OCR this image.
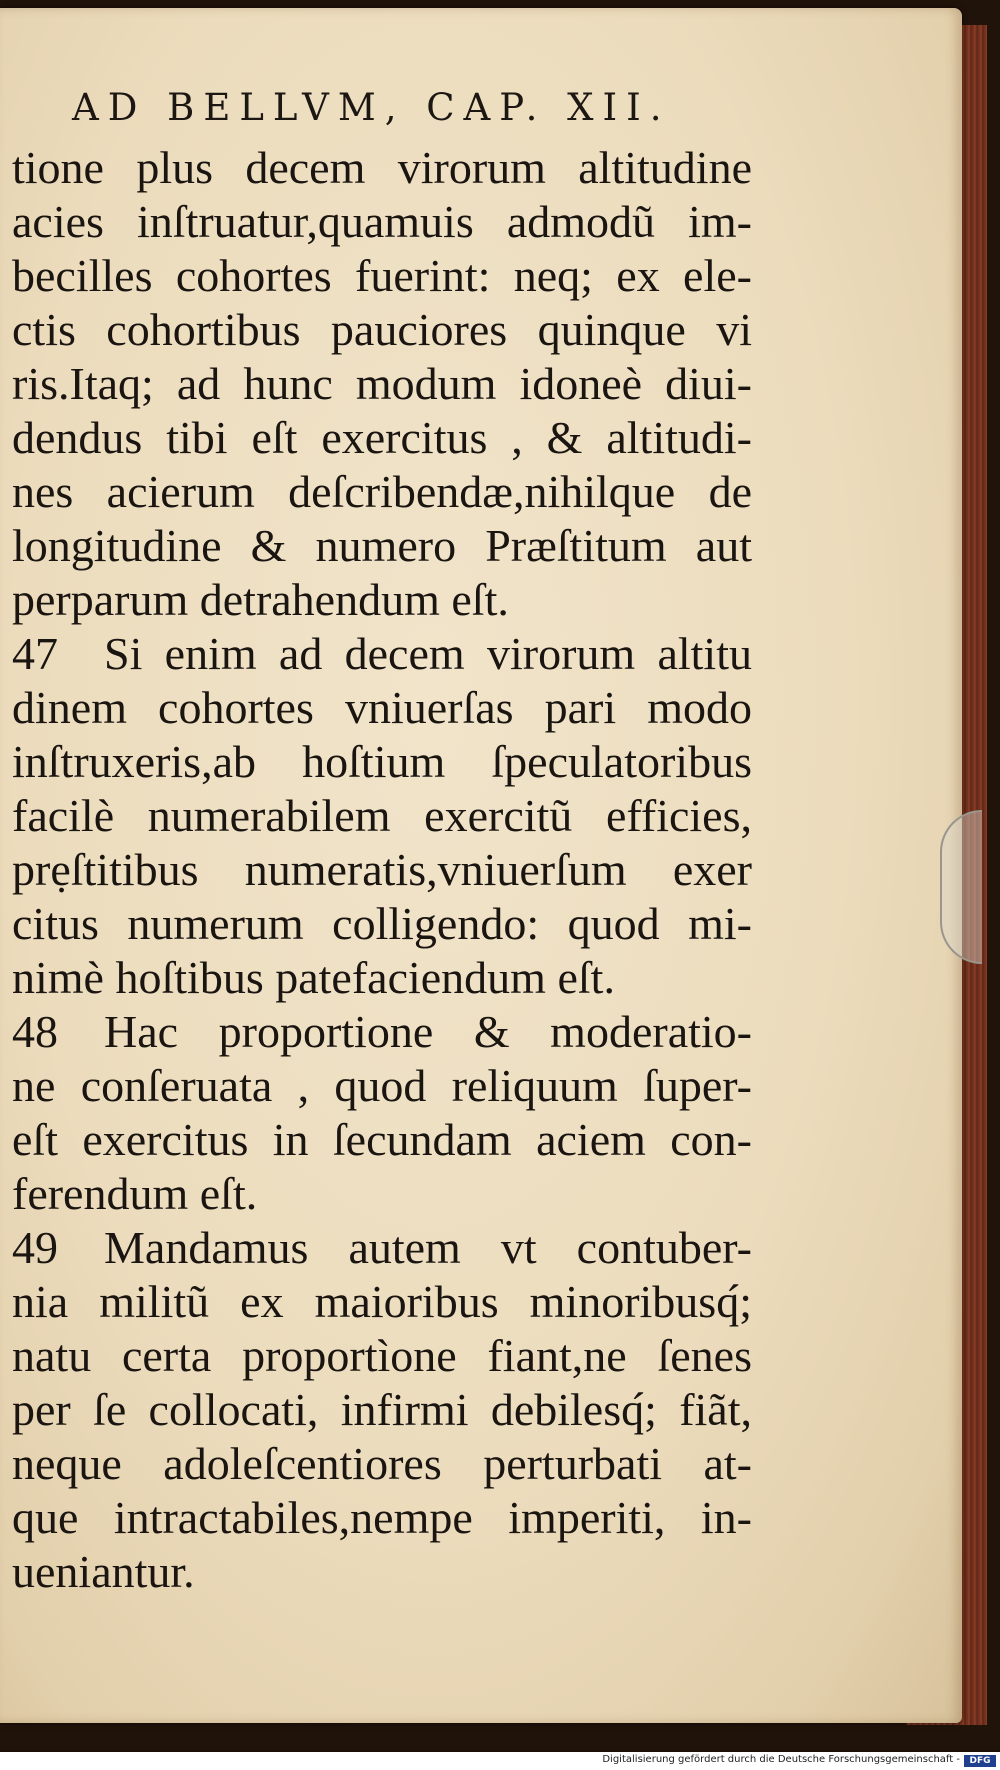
AD BELLVM, CAP. XII.
tione plus decem virorum altitudine
acies inſtruatur,quamuis admodũ im-
becilles cohortes fuerint: neq; ex ele-
ctis cohortibus pauciores quinque vi
ris.Itaq; ad hunc modum idoneè diui-
dendus tibi eſt exercitus , & altitudi-
nes acierum deſcribendæ,nihilque de
longitudine & numero Præſtitum aut
perparum detrahendum eſt.
47 Si enim ad decem virorum altitu
dinem cohortes vniuerſas pari modo
inſtruxeris,ab hoſtium ſpeculatoribus
facilè numerabilem exercitũ efficies,
prẹſtitibus numeratis,vniuerſum exer
citus numerum colligendo: quod mi-
nimè hoſtibus patefaciendum eſt.
48 Hac proportione & moderatio-
ne conſeruata , quod reliquum ſuper-
eſt exercitus in ſecundam aciem con-
ferendum eſt.
49 Mandamus autem vt contuber-
nia militũ ex maioribus minoribusq́;
natu certa proportìone fiant,ne ſenes
per ſe collocati, infirmi debilesq́; fiãt,
neque adoleſcentiores perturbati at-
que intractabiles,nempe imperiti, in-
ueniantur.
Digitalisierung gefördert durch die Deutsche Forschungsgemeinschaft -	DFG
